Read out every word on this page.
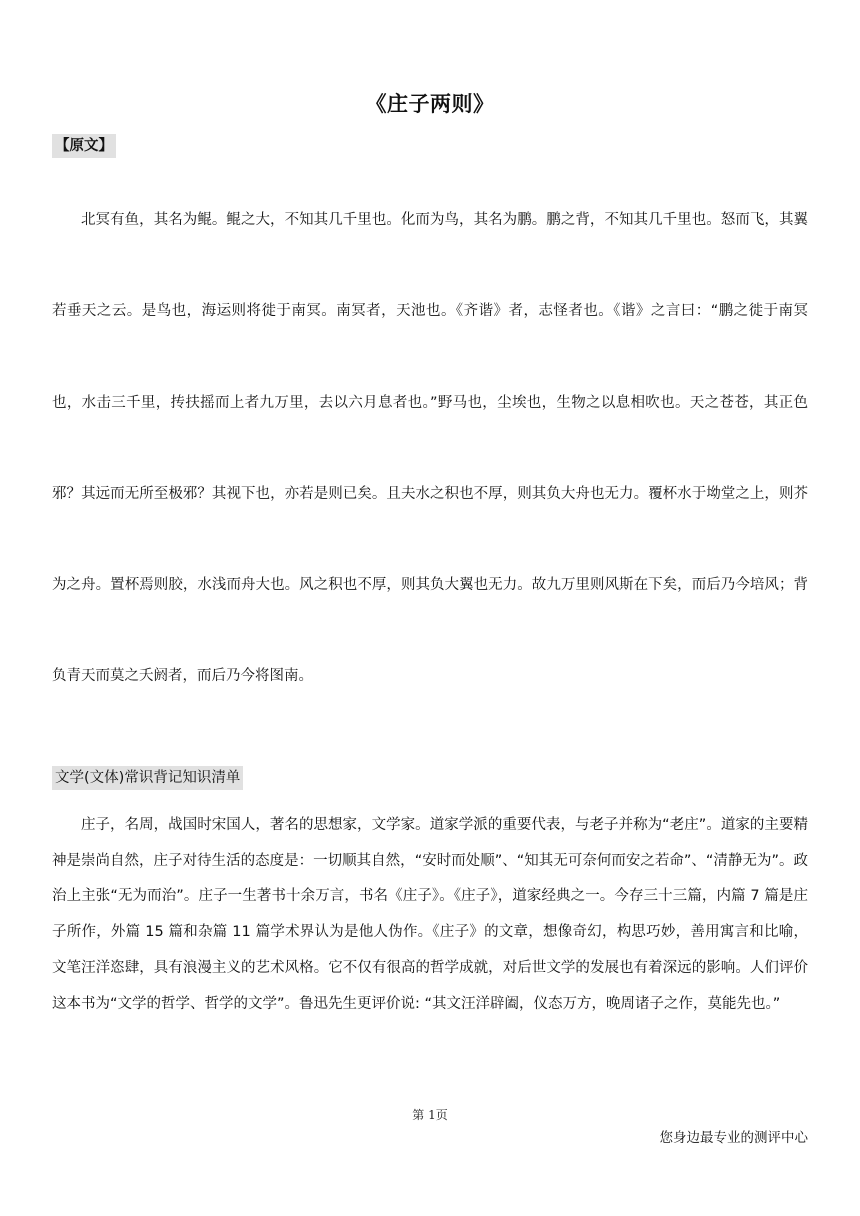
《庄子两则》
【原文】

北冥有鱼，其名为鲲。鲲之大，不知其几千里也。化而为鸟，其名为鹏。鹏之背，不知其几千里也。怒而飞，其翼若垂天之云。是鸟也，海运则将徙于南冥。南冥者，天池也。《齐谐》者，志怪者也。《谐》之言曰：“鹏之徙于南冥也，水击三千里，抟扶摇而上者九万里，去以六月息者也。”野马也，尘埃也，生物之以息相吹也。天之苍苍，其正色邪？其远而无所至极邪？其视下也，亦若是则已矣。且夫水之积也不厚，则其负大舟也无力。覆杯水于坳堂之上，则芥为之舟。置杯焉则胶，水浅而舟大也。风之积也不厚，则其负大翼也无力。故九万里则风斯在下矣，而后乃今培风；背负青天而莫之夭阏者，而后乃今将图南。

文学(文体)常识背记知识清单

庄子，名周，战国时宋国人，著名的思想家，文学家。道家学派的重要代表，与老子并称为“老庄”。道家的主要精神是崇尚自然，庄子对待生活的态度是：一切顺其自然，“安时而处顺”、“知其无可奈何而安之若命”、“清静无为”。政治上主张“无为而治”。庄子一生著书十余万言，书名《庄子》。《庄子》，道家经典之一。今存三十三篇，内篇 7 篇是庄子所作，外篇 15 篇和杂篇 11 篇学术界认为是他人伪作。《庄子》的文章，想像奇幻，构思巧妙，善用寓言和比喻，文笔汪洋恣肆，具有浪漫主义的艺术风格。它不仅有很高的哲学成就，对后世文学的发展也有着深远的影响。人们评价这本书为“文学的哲学、哲学的文学”。鲁迅先生更评价说: “其文汪洋辟阖，仪态万方，晚周诸子之作，莫能先也。”

第 1页
您身边最专业的测评中心
